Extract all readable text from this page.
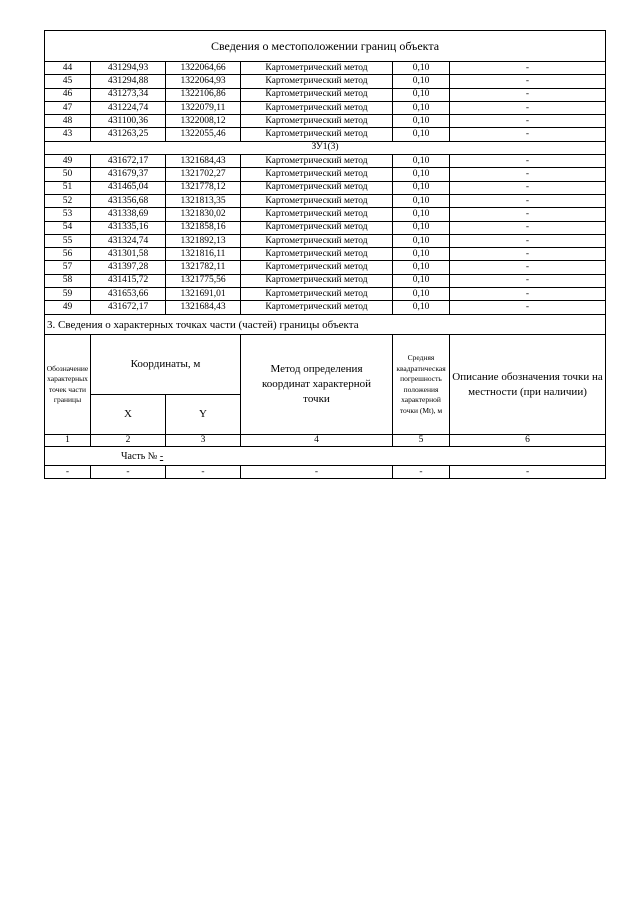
Сведения о местоположении границ объекта					
44	431294,93	1322064,66	Картометрический метод	0,10	-
45	431294,88	1322064,93	Картометрический метод	0,10	-
46	431273,34	1322106,86	Картометрический метод	0,10	-
47	431224,74	1322079,11	Картометрический метод	0,10	-
48	431100,36	1322008,12	Картометрический метод	0,10	-
43	431263,25	1322055,46	Картометрический метод	0,10	-
ЗУ1(3)					
49	431672,17	1321684,43	Картометрический метод	0,10	-
50	431679,37	1321702,27	Картометрический метод	0,10	-
51	431465,04	1321778,12	Картометрический метод	0,10	-
52	431356,68	1321813,35	Картометрический метод	0,10	-
53	431338,69	1321830,02	Картометрический метод	0,10	-
54	431335,16	1321858,16	Картометрический метод	0,10	-
55	431324,74	1321892,13	Картометрический метод	0,10	-
56	431301,58	1321816,11	Картометрический метод	0,10	-
57	431397,28	1321782,11	Картометрический метод	0,10	-
58	431415,72	1321775,56	Картометрический метод	0,10	-
59	431653,66	1321691,01	Картометрический метод	0,10	-
49	431672,17	1321684,43	Картометрический метод	0,10	-
3. Сведения о характерных точках части (частей) границы объекта					
Обозначение характерных точек части границы	Координаты, м		Метод определения координат характерной точки	Средняя квадратическая погрешность положения характерной точки (Mt), м	Описание обозначения точки на местности (при наличии)
	X	Y			
1	2	3	4	5	6
Часть № -					
-	-	-	-	-	-
